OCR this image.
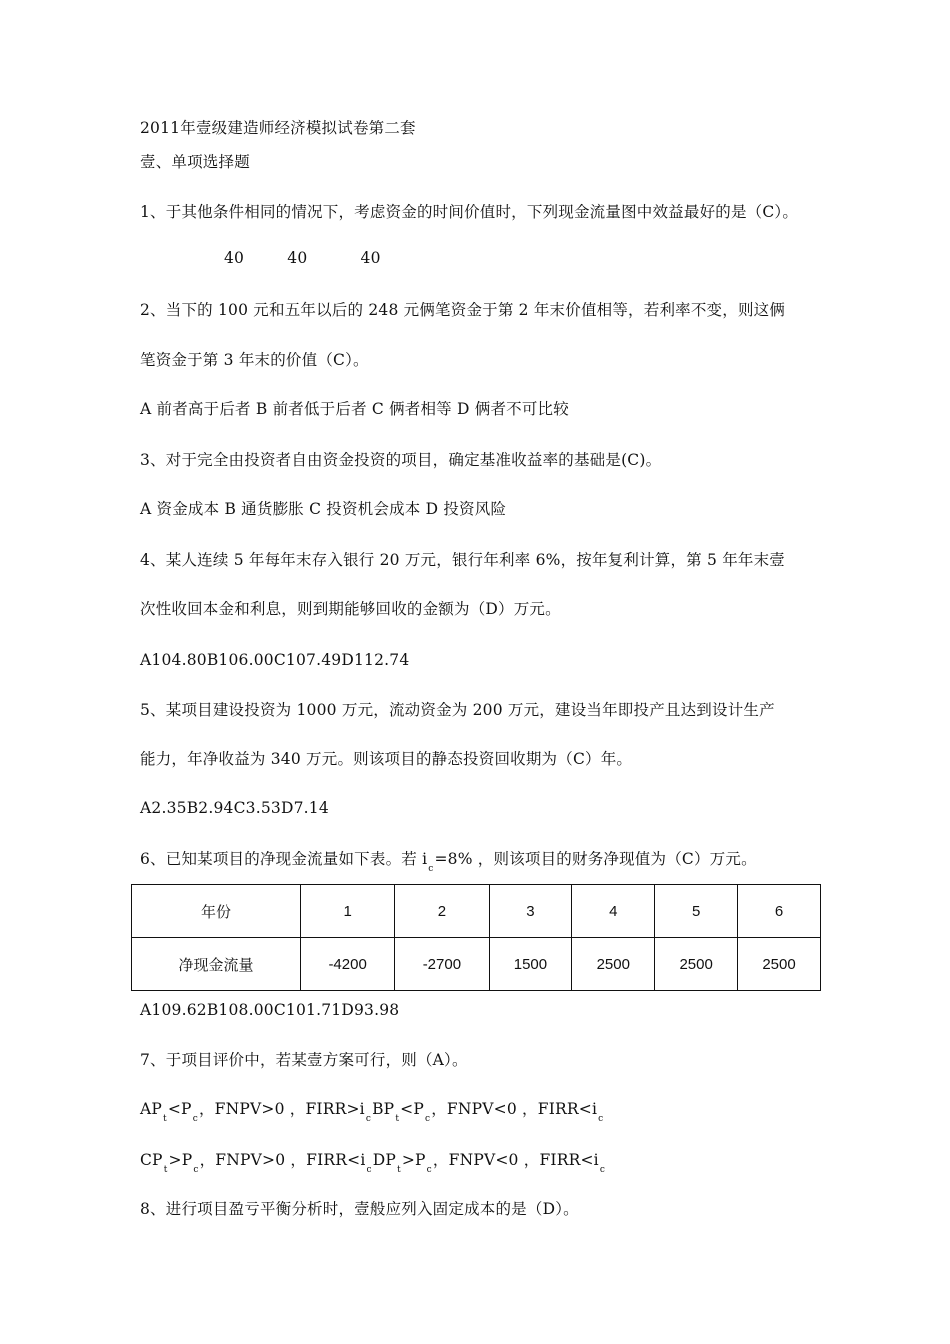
2011年壹级建造师经济模拟试卷第二套
壹、单项选择题
1、于其他条件相同的情况下，考虑资金的时间价值时，下列现金流量图中效益最好的是（C）。
40	40	40
2、当下的 100 元和五年以后的 248 元俩笔资金于第 2 年末价值相等，若利率不变，则这俩
笔资金于第 3 年末的价值（C）。
A 前者高于后者 B 前者低于后者 C 俩者相等 D 俩者不可比较
3、对于完全由投资者自由资金投资的项目，确定基准收益率的基础是(C)。
A 资金成本 B 通货膨胀 C 投资机会成本 D 投资风险
4、某人连续 5 年每年末存入银行 20 万元，银行年利率 6%，按年复利计算，第 5 年年末壹
次性收回本金和利息，则到期能够回收的金额为（D）万元。
A104.80B106.00C107.49D112.74
5、某项目建设投资为 1000 万元，流动资金为 200 万元，建设当年即投产且达到设计生产
能力，年净收益为 340 万元。则该项目的静态投资回收期为（C）年。
A2.35B2.94C3.53D7.14
6、已知某项目的净现金流量如下表。若 $i_c=8\%$ ，则该项目的财务净现值为（C）万元。
年份	1	2	3	4	5	6
净现金流量	-4200	-2700	1500	2500	2500	2500
A109.62B108.00C101.71D93.98
7、于项目评价中，若某壹方案可行，则（A）。
$AP_t<P_c$，FNPV>0 ，$FIRR>i_cBP_t<P_c$，FNPV<0 ，$FIRR<i_c$
$CP_t>P_c$，FNPV>0 ，$FIRR<i_cDP_t>P_c$，FNPV<0 ，$FIRR<i_c$
8、进行项目盈亏平衡分析时，壹般应列入固定成本的是（D）。
